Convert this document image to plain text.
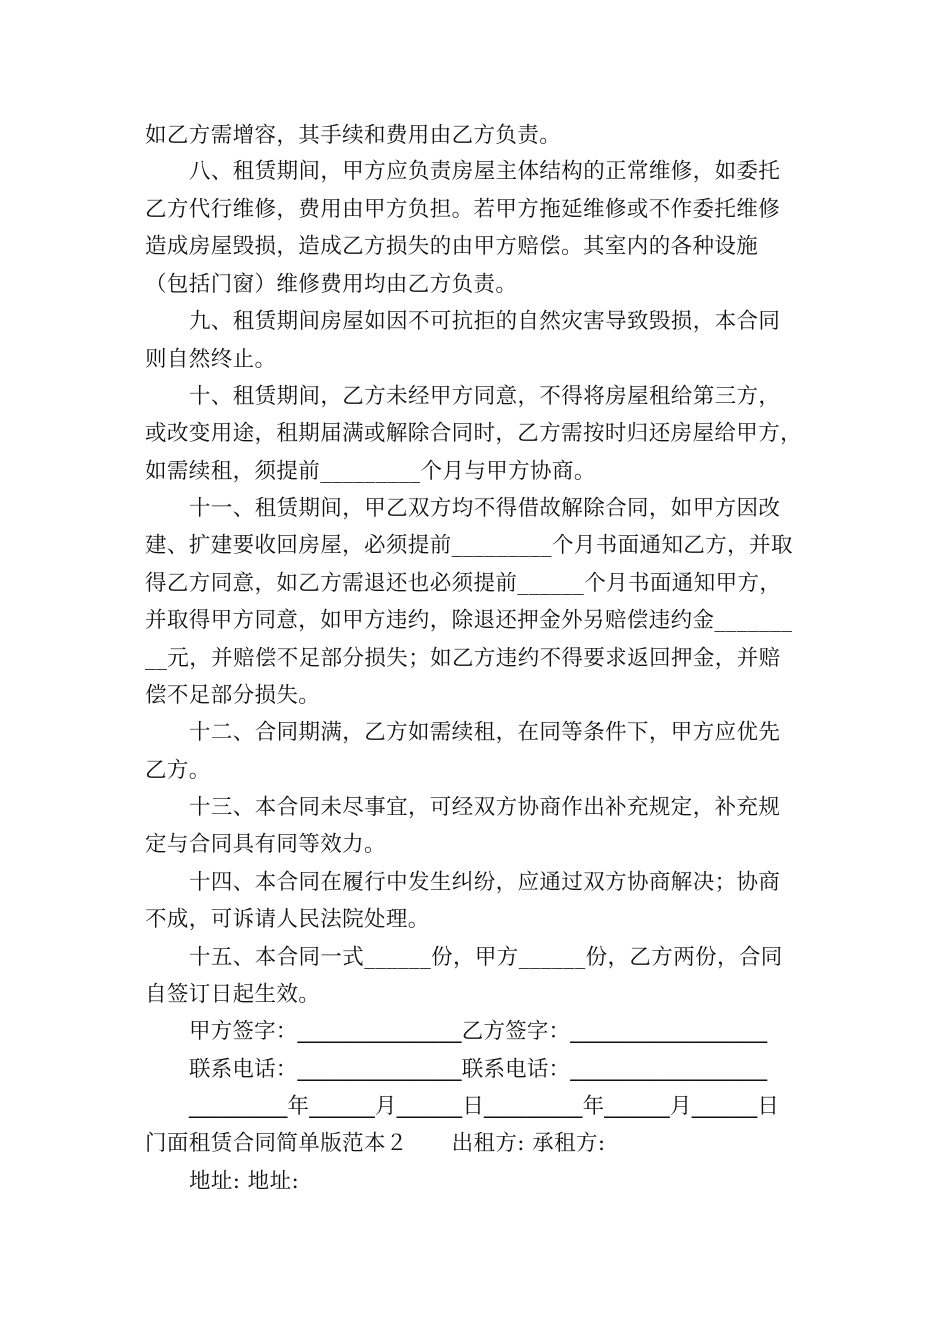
如乙方需增容，其手续和费用由乙方负责。
八、租赁期间，甲方应负责房屋主体结构的正常维修，如委托
乙方代行维修，费用由甲方负担。若甲方拖延维修或不作委托维修
造成房屋毁损，造成乙方损失的由甲方赔偿。其室内的各种设施
（包括门窗）维修费用均由乙方负责。
九、租赁期间房屋如因不可抗拒的自然灾害导致毁损，本合同
则自然终止。
十、租赁期间，乙方未经甲方同意，不得将房屋租给第三方，
或改变用途，租期届满或解除合同时，乙方需按时归还房屋给甲方，
如需续租，须提前_________个月与甲方协商。
十一、租赁期间，甲乙双方均不得借故解除合同，如甲方因改
建、扩建要收回房屋，必须提前_________个月书面通知乙方，并取
得乙方同意，如乙方需退还也必须提前______个月书面通知甲方，
并取得甲方同意，如甲方违约，除退还押金外另赔偿违约金_______
__元，并赔偿不足部分损失；如乙方违约不得要求返回押金，并赔
偿不足部分损失。
十二、合同期满，乙方如需续租，在同等条件下，甲方应优先
乙方。
十三、本合同未尽事宜，可经双方协商作出补充规定，补充规
定与合同具有同等效力。
十四、本合同在履行中发生纠纷，应通过双方协商解决；协商
不成，可诉请人民法院处理。
十五、本合同一式______份，甲方______份，乙方两份，合同
自签订日起生效。
甲方签字：_______________乙方签字：__________________
联系电话：_______________联系电话：__________________
_________年______月______日_________年______月______日
门面租赁合同简单版范本２　　出租方: 承租方:
地址: 地址:
